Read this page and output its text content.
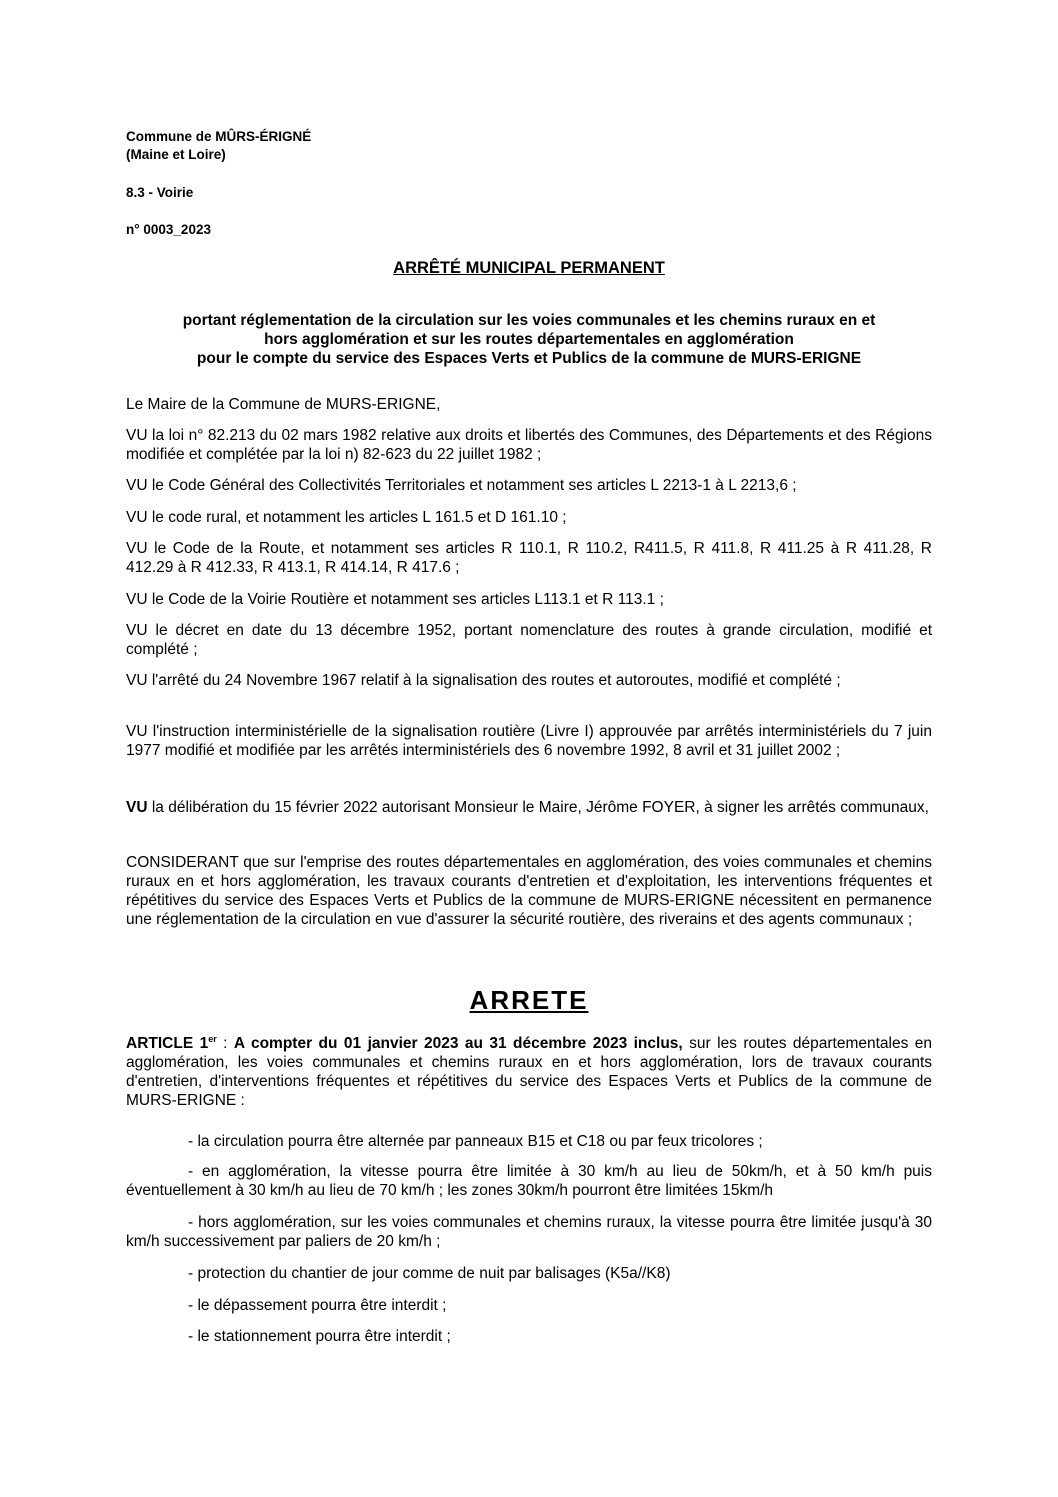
Commune de MÛRS-ÉRIGNÉ
(Maine et Loire)
8.3 - Voirie
n° 0003_2023
ARRÊTÉ MUNICIPAL PERMANENT
portant réglementation de la circulation sur les voies communales et les chemins ruraux en et
hors agglomération et sur les routes départementales en agglomération
pour le compte du service des Espaces Verts et Publics de la commune de MURS-ERIGNE
Le Maire de la Commune de MURS-ERIGNE,
VU la loi n° 82.213 du 02 mars 1982 relative aux droits et libertés des Communes, des Départements et des Régions modifiée et complétée par la loi n) 82-623 du 22 juillet 1982 ;
VU le Code Général des Collectivités Territoriales et notamment ses articles L 2213-1 à L 2213,6 ;
VU le code rural, et notamment les articles L 161.5 et D 161.10 ;
VU le Code de la Route, et notamment ses articles R 110.1, R 110.2, R411.5, R 411.8, R 411.25 à R 411.28, R 412.29 à R 412.33, R 413.1, R 414.14, R 417.6 ;
VU le Code de la Voirie Routière et notamment ses articles L113.1 et R 113.1 ;
VU le décret en date du 13 décembre 1952, portant nomenclature des routes à grande circulation, modifié et complété ;
VU l'arrêté du 24 Novembre 1967 relatif à la signalisation des routes et autoroutes, modifié et complété ;
VU l'instruction interministérielle de la signalisation routière (Livre I) approuvée par arrêtés interministériels du 7 juin 1977 modifié et modifiée par les arrêtés interministériels des 6 novembre 1992, 8 avril et 31 juillet 2002 ;
VU la délibération du 15 février 2022 autorisant Monsieur le Maire, Jérôme FOYER, à signer les arrêtés communaux,
CONSIDERANT que sur l'emprise des routes départementales en agglomération, des voies communales et chemins ruraux en et hors agglomération, les travaux courants d'entretien et d'exploitation, les interventions fréquentes et répétitives du service des Espaces Verts et Publics de la commune de MURS-ERIGNE nécessitent en permanence une réglementation de la circulation en vue d'assurer la sécurité routière, des riverains et des agents communaux ;
ARRETE
ARTICLE 1er : A compter du 01 janvier 2023 au 31 décembre 2023 inclus, sur les routes départementales en agglomération, les voies communales et chemins ruraux en et hors agglomération, lors de travaux courants d'entretien, d'interventions fréquentes et répétitives du service des Espaces Verts et Publics de la commune de MURS-ERIGNE :
- la circulation pourra être alternée par panneaux B15 et C18 ou par feux tricolores ;
- en agglomération, la vitesse pourra être limitée à 30 km/h au lieu de 50km/h, et à 50 km/h puis éventuellement à 30 km/h au lieu de 70 km/h ; les zones 30km/h pourront être limitées 15km/h
- hors agglomération, sur les voies communales et chemins ruraux, la vitesse pourra être limitée jusqu'à 30 km/h successivement par paliers de 20 km/h ;
- protection du chantier de jour comme de nuit par balisages (K5a//K8)
- le dépassement pourra être interdit ;
- le stationnement pourra être interdit ;
